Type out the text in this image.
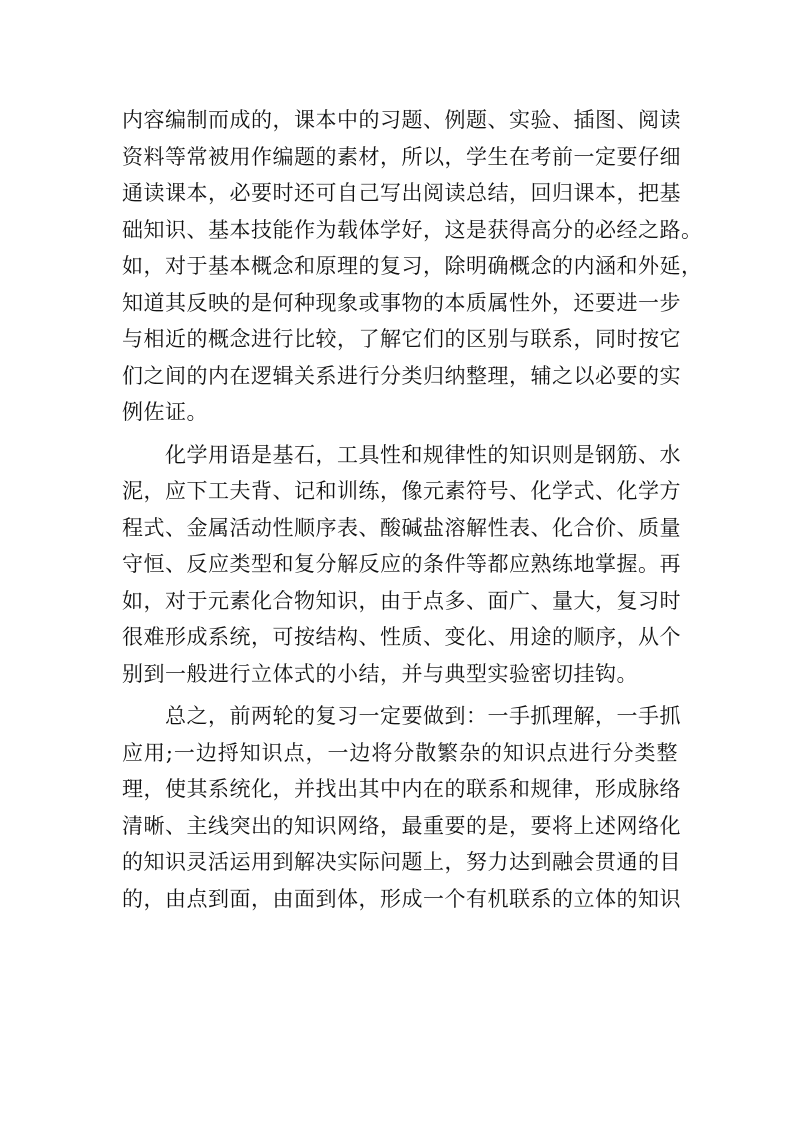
内容编制而成的，课本中的习题、例题、实验、插图、阅读
资料等常被用作编题的素材，所以，学生在考前一定要仔细
通读课本，必要时还可自己写出阅读总结，回归课本，把基
础知识、基本技能作为载体学好，这是获得高分的必经之路。
如，对于基本概念和原理的复习，除明确概念的内涵和外延，
知道其反映的是何种现象或事物的本质属性外，还要进一步
与相近的概念进行比较，了解它们的区别与联系，同时按它
们之间的内在逻辑关系进行分类归纳整理，辅之以必要的实
例佐证。
　　化学用语是基石，工具性和规律性的知识则是钢筋、水
泥，应下工夫背、记和训练，像元素符号、化学式、化学方
程式、金属活动性顺序表、酸碱盐溶解性表、化合价、质量
守恒、反应类型和复分解反应的条件等都应熟练地掌握。再
如，对于元素化合物知识，由于点多、面广、量大，复习时
很难形成系统，可按结构、性质、变化、用途的顺序，从个
别到一般进行立体式的小结，并与典型实验密切挂钩。
　　总之，前两轮的复习一定要做到：一手抓理解，一手抓
应用;一边捋知识点，一边将分散繁杂的知识点进行分类整
理，使其系统化，并找出其中内在的联系和规律，形成脉络
清晰、主线突出的知识网络，最重要的是，要将上述网络化
的知识灵活运用到解决实际问题上，努力达到融会贯通的目
的，由点到面，由面到体，形成一个有机联系的立体的知识
